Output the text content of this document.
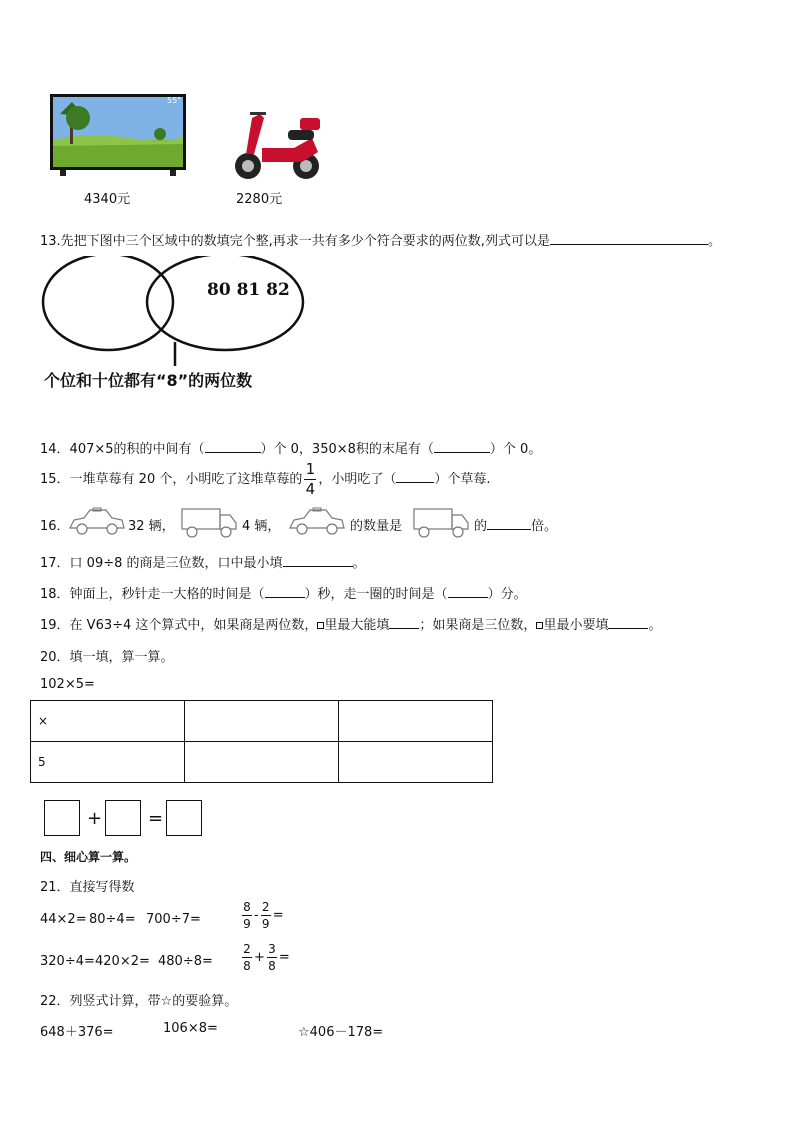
55"
4340元	2280元
13.先把下图中三个区域中的数填完个整,再求一共有多少个符合要求的两位数,列式可以是	。
80 81 82
个位和十位都有“8”的两位数
14．407×5的积的中间有（	）个 0，350×8积的末尾有（	）个 0。
15．一堆草莓有 20 个，小明吃了这堆草莓的 $\frac{1}{4}$ ，小明吃了（	）个草莓.
16．	32 辆，	4 辆，	的数量是	的	倍。
17．口 09÷8 的商是三位数，口中最小填	。
18．钟面上，秒针走一大格的时间是（	）秒，走一圈的时间是（	）分。
19．在 V63÷4 这个算式中，如果商是两位数， 里最大能填 ；如果商是三位数， 里最小要填	。
20．填一填，算一算。
102×5=
×		
5		
+	=
四、细心算一算。
21．直接写得数
44×2= 80÷4= 700÷7=	$\frac{8}{9} - \frac{2}{9}$ =
$320\div 4= 420\times 2= 480\div 8= \frac{2}{8} + \frac{3}{8}$ =
22．列竖式计算，带☆的要验算。
648＋376=	106×8=	☆406－178=
